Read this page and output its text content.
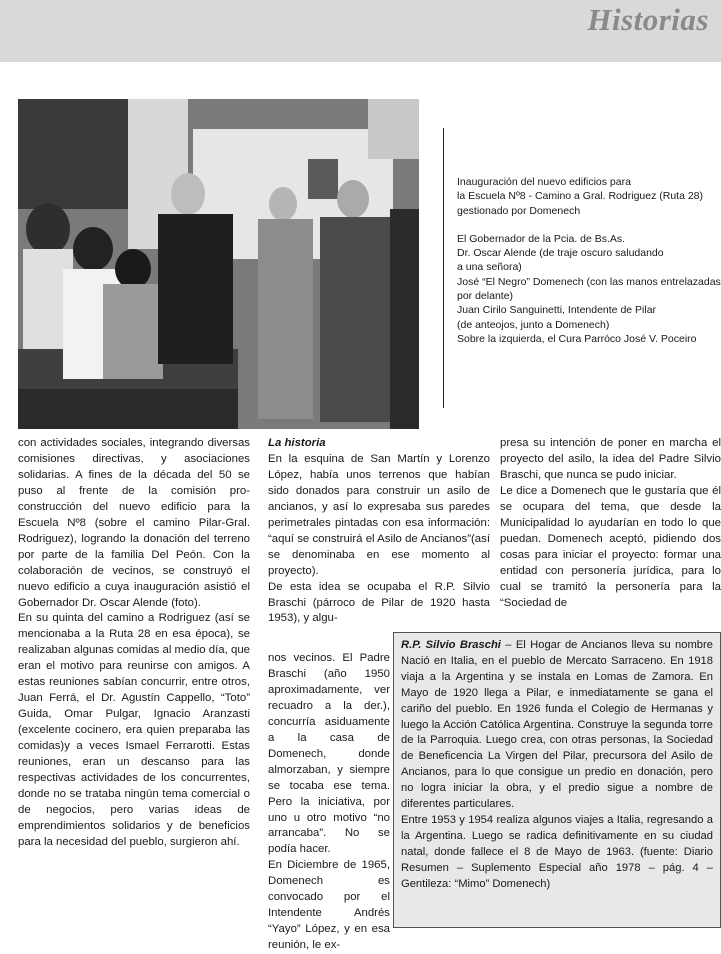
Historias
Inauguración del nuevo edificios para
la Escuela Nº8 - Camino a Gral. Rodriguez (Ruta 28)
gestionado por Domenech
El Gobernador de la Pcia. de Bs.As.
Dr. Oscar Alende (de traje oscuro saludando
a una señora)
José “El Negro” Domenech (con las manos entrelazadas
por delante)
Juan Cirilo Sanguinetti, Intendente de Pilar
(de anteojos, junto a Domenech)
Sobre la izquierda, el Cura Parróco José V. Poceiro

con actividades sociales, integrando diversas comisiones directivas, y asociaciones solidarias. A fines de la década del 50 se puso al frente de la comisión pro-construcción del nuevo edificio para la Escuela Nº8 (sobre el camino Pilar-Gral. Rodriguez), logrando la donación del terreno por parte de la familia Del Peón. Con la colaboración de vecinos, se construyó el nuevo edificio a cuya inauguración asistió el Gobernador Dr. Oscar Alende (foto).

En su quinta del camino a Rodriguez (así se mencionaba a la Ruta 28 en esa época), se realizaban algunas comidas al medio día, que eran el motivo para reunirse con amigos. A estas reuniones sabían concurrir, entre otros, Juan Ferrá, el Dr. Agustín Cappello, “Toto” Guida, Omar Pulgar, Ignacio Aranzasti (excelente cocinero, era quien preparaba las comidas)y a veces Ismael Ferrarotti. Estas reuniones, eran un descanso para las respectivas actividades de los concurrentes, donde no se trataba ningún tema comercial o de negocios, pero varias ideas de emprendimientos solidarios y de beneficios para la necesidad del pueblo, surgieron ahí.

La historia

En la esquina de San Martín y Lorenzo López, había unos terrenos que habían sido donados para construir un asilo de ancianos, y así lo expresaba sus paredes perimetrales pintadas con esa información: “aquí se construirá el Asilo de Ancianos”(así se denominaba en ese momento al proyecto).

De esta idea se ocupaba el R.P. Silvio Braschi (párroco de Pilar de 1920 hasta 1953), y algu-

nos vecinos. El Padre Braschi (año 1950 aproximadamente, ver recuadro a la der.), concurría asiduamente a la casa de Domenech, donde almorzaban, y siempre se tocaba ese tema. Pero la iniciativa, por uno u otro motivo “no arrancaba”. No se podía hacer.

En Diciembre de 1965, Domenech es convocado por el Intendente Andrés “Yayo” López, y en esa reunión, le ex-

presa su intención de poner en marcha el proyecto del asilo, la idea del Padre Silvio Braschi, que nunca se pudo iniciar.

Le dice a Domenech que le gustaría que él se ocupara del tema, que desde la Municipalidad lo ayudarían en todo lo que puedan. Domenech aceptó, pidiendo dos cosas para iniciar el proyecto: formar una entidad con personería jurídica, para lo cual se tramitó la personería para la “Sociedad de

R.P. Silvio Braschi – El Hogar de Ancianos lleva su nombre Nació en Italia, en el pueblo de Mercato Sarraceno. En 1918 viaja a la Argentina y se instala en Lomas de Zamora. En Mayo de 1920 llega a Pilar, e inmediatamente se gana el cariño del pueblo. En 1926 funda el Colegio de Hermanas y luego la Acción Católica Argentina. Construye la segunda torre de la Parroquia. Luego crea, con otras personas, la Sociedad de Beneficencia La Virgen del Pilar, precursora del Asilo de Ancianos, para lo que consigue un predio en donación, pero no logra iniciar la obra, y el predio sigue a nombre de diferentes particulares.

Entre 1953 y 1954 realiza algunos viajes a Italia, regresando a la Argentina. Luego se radica definitivamente en su ciudad natal, donde fallece el 8 de Mayo de 1963. (fuente: Diario Resumen – Suplemento Especial año 1978 – pág. 4 – Gentileza: “Mimo” Domenech)
